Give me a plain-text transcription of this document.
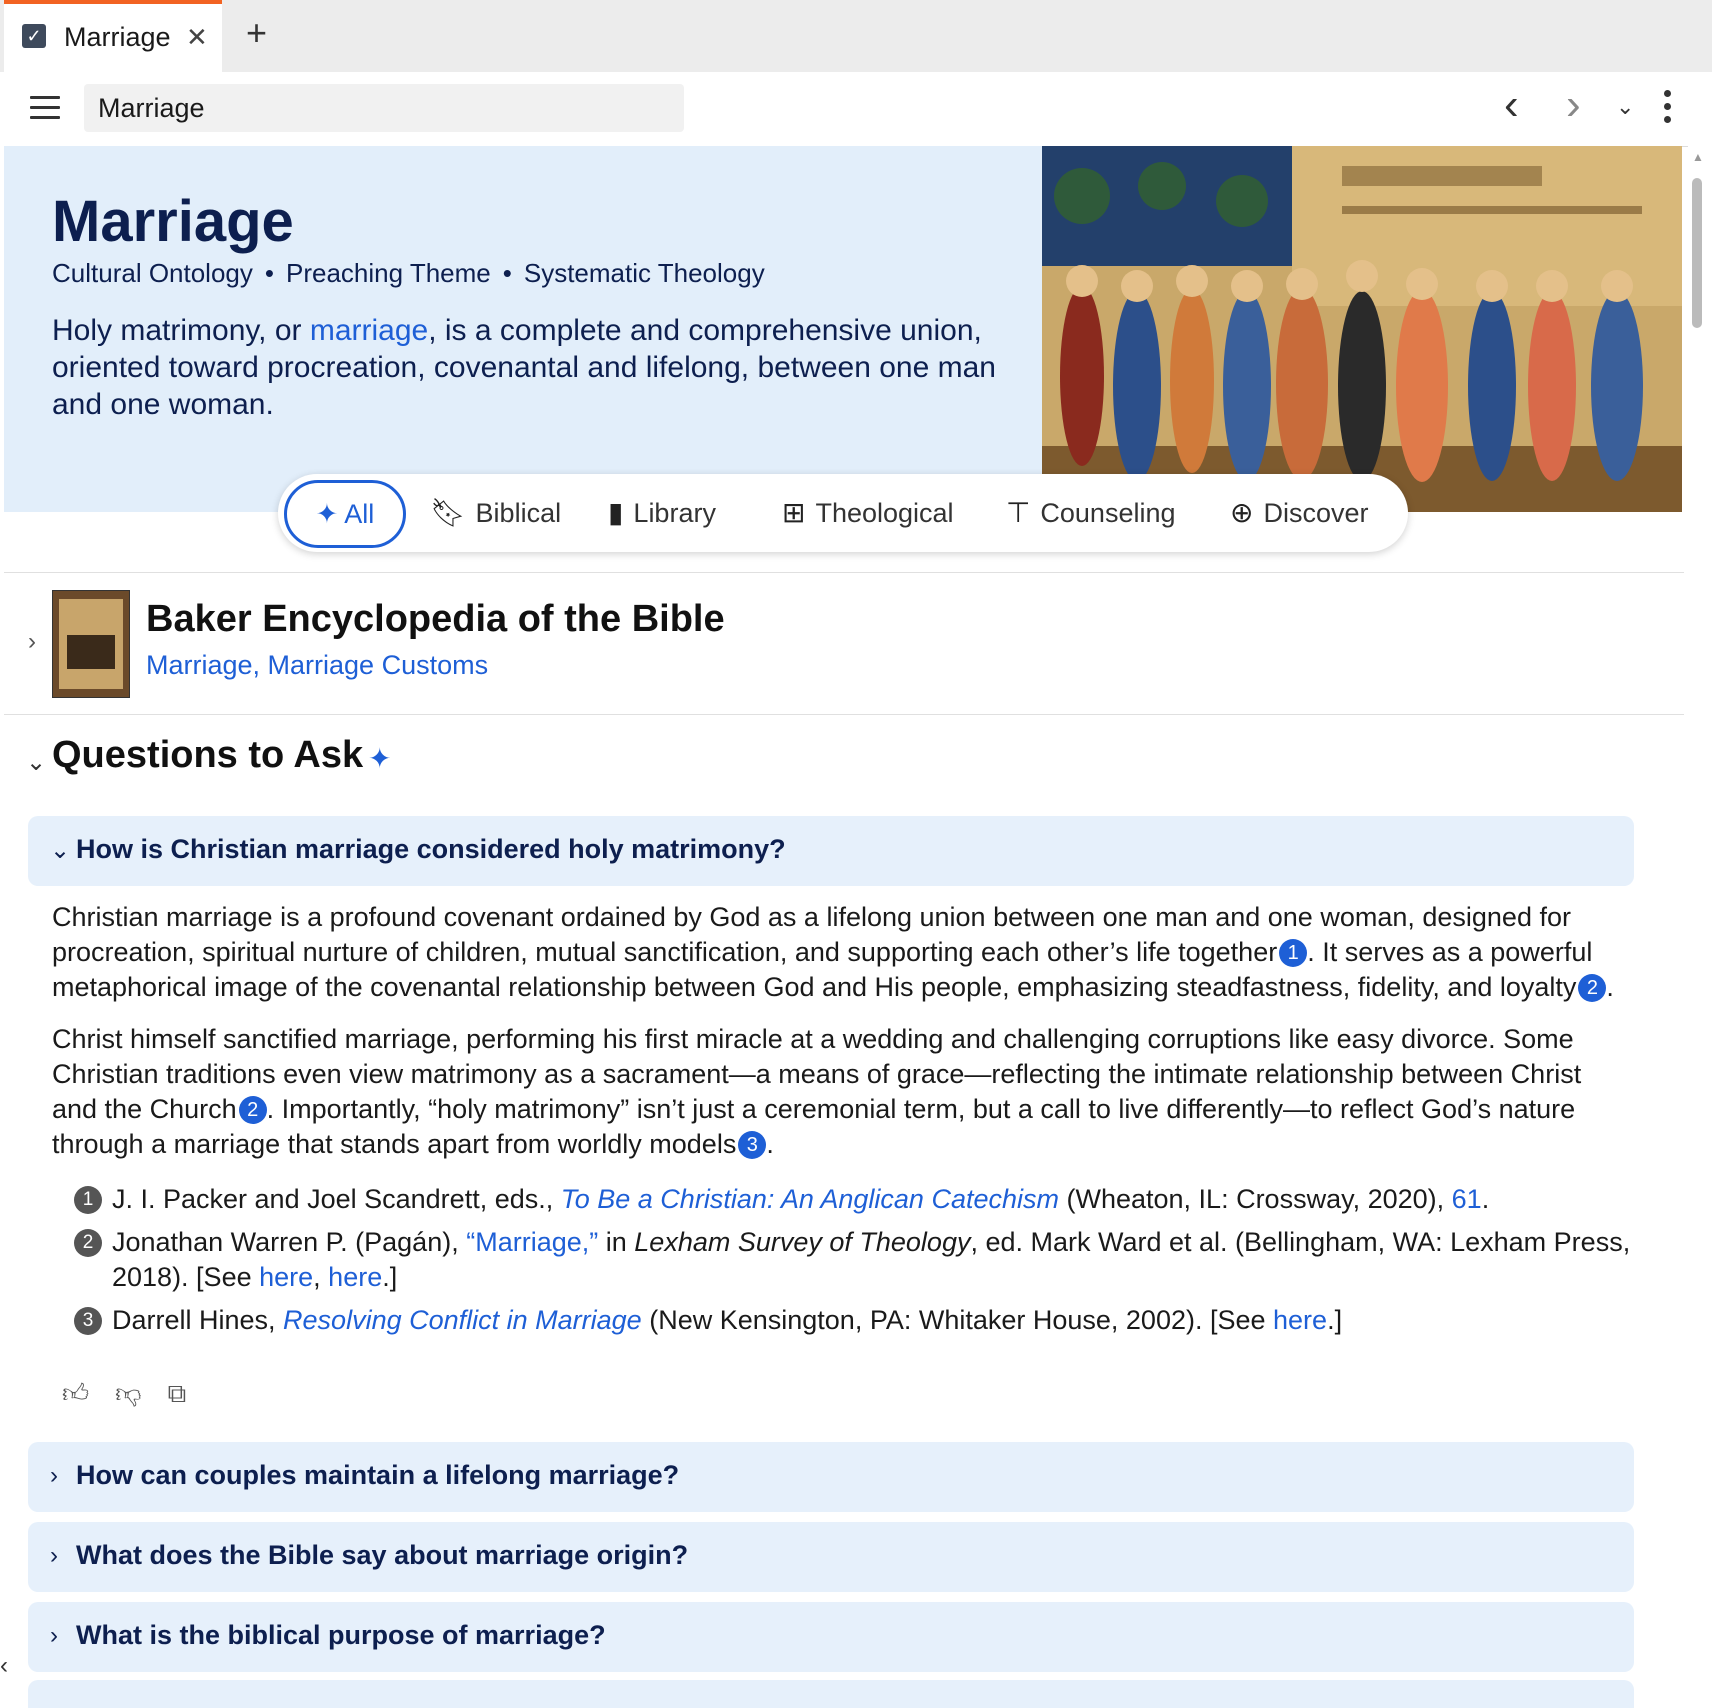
✓ Marriage ✕ +
Marriage	‹ › ⌄
Marriage
Cultural Ontology • Preaching Theme • Systematic Theology
Holy matrimony, or marriage, is a complete and comprehensive union, oriented toward procreation, covenantal and lifelong, between one man and one woman.
▲
✦ All	🔖︎ Biblical ▮ Library ⊞ Theological ⊤ Counseling ⊕ Discover
›
Baker Encyclopedia of the Bible
Marriage, Marriage Customs
⌄ Questions to Ask ✦
⌄ How is Christian marriage considered holy matrimony?
Christian marriage is a profound covenant ordained by God as a lifelong union between one man and one woman, designed for procreation, spiritual nurture of children, mutual sanctification, and supporting each other’s life together 1 . It serves as a powerful metaphorical image of the covenantal relationship between God and His people, emphasizing steadfastness, fidelity, and loyalty 2 .
Christ himself sanctified marriage, performing his first miracle at a wedding and challenging corruptions like easy divorce. Some Christian traditions even view matrimony as a sacrament—a means of grace—reflecting the intimate relationship between Christ and the Church 2 . Importantly, “holy matrimony” isn’t just a ceremonial term, but a call to live differently—to reflect God’s nature through a marriage that stands apart from worldly models 3 .
1 J. I. Packer and Joel Scandrett, eds., To Be a Christian: An Anglican Catechism (Wheaton, IL: Crossway, 2020), 61.
2 Jonathan Warren P. (Pagán), “Marriage,” in Lexham Survey of Theology, ed. Mark Ward et al. (Bellingham, WA: Lexham Press, 2018). [See here, here.]
3 Darrell Hines, Resolving Conflict in Marriage (New Kensington, PA: Whitaker House, 2002). [See here.]
👍︎ 👎︎ ⧉
› How can couples maintain a lifelong marriage?
› What does the Bible say about marriage origin?
› What is the biblical purpose of marriage?
‹
